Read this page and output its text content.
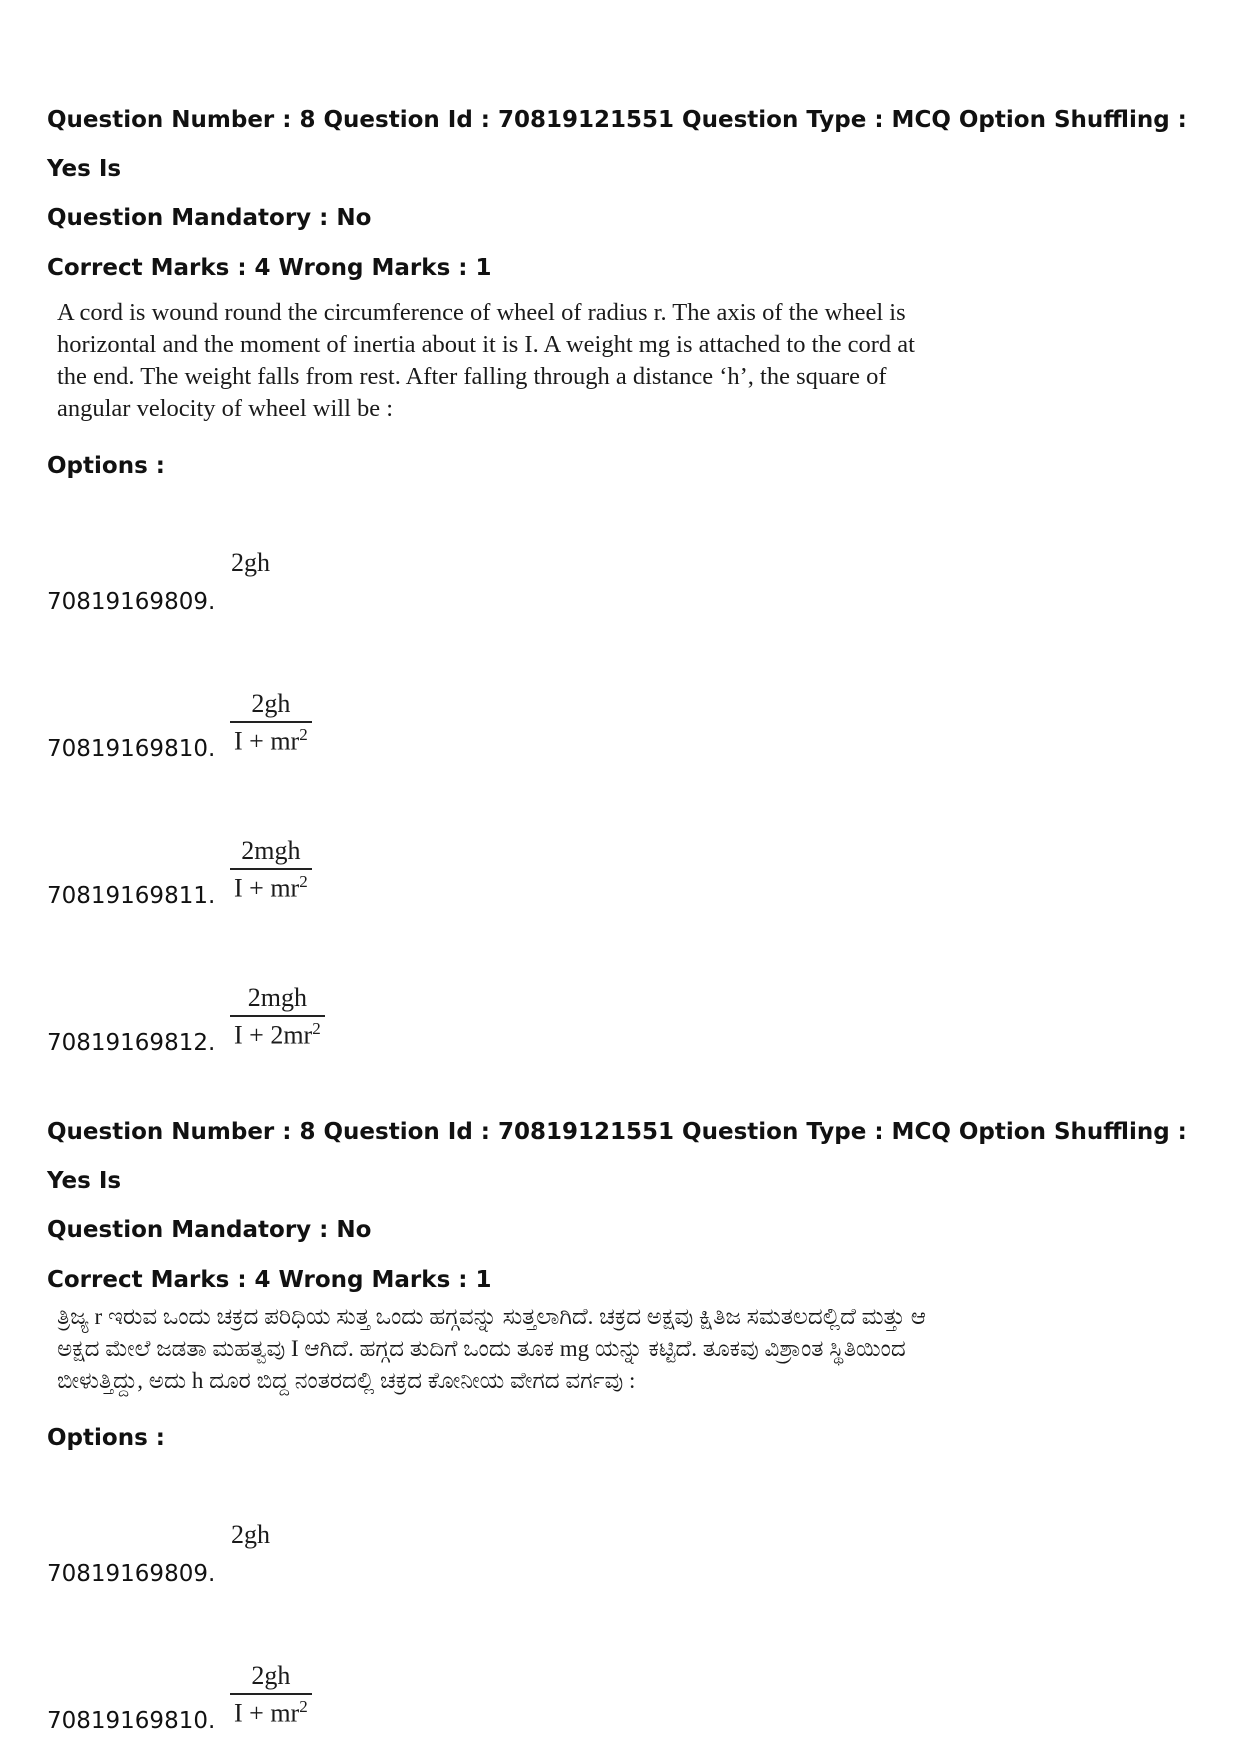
Question Number : 8 Question Id : 70819121551 Question Type : MCQ Option Shuffling : Yes Is

Question Mandatory : No

Correct Marks : 4 Wrong Marks : 1
A cord is wound round the circumference of wheel of radius r. The axis of the wheel is horizontal and the moment of inertia about it is I. A weight mg is attached to the cord at the end. The weight falls from rest. After falling through a distance ‘h’, the square of angular velocity of wheel will be :
Options :
70819169809.
2gh
70819169810. $\frac{2gh}{I + mr^2}$
70819169811.
2mgh
$I + mr^2$
70819169812.
2mgh
$I + 2mr^2$

Question Number : 8 Question Id : 70819121551 Question Type : MCQ Option Shuffling : Yes Is

Question Mandatory : No

Correct Marks : 4 Wrong Marks : 1
ತ್ರಿಜ್ಯ r ಇರುವ ಒಂದು ಚಕ್ರದ ಪರಿಧಿಯ ಸುತ್ತ ಒಂದು ಹಗ್ಗವನ್ನು ಸುತ್ತಲಾಗಿದೆ. ಚಕ್ರದ ಅಕ್ಷವು ಕ್ಷಿತಿಜ ಸಮತಲದಲ್ಲಿದೆ ಮತ್ತು ಆ ಅಕ್ಷದ ಮೇಲೆ ಜಡತಾ ಮಹತ್ವವು I ಆಗಿದೆ. ಹಗ್ಗದ ತುದಿಗೆ ಒಂದು ತೂಕ mg ಯನ್ನು ಕಟ್ಟಿದೆ. ತೂಕವು ವಿಶ್ರಾಂತ ಸ್ಥಿತಿಯಿಂದ ಬೀಳುತ್ತಿದ್ದು, ಅದು h ದೂರ ಬಿದ್ದ ನಂತರದಲ್ಲಿ ಚಕ್ರದ ಕೋನೀಯ ವೇಗದ ವರ್ಗವು :
Options :
70819169809.
2gh
70819169810. $\frac{2gh}{I + mr^2}$
